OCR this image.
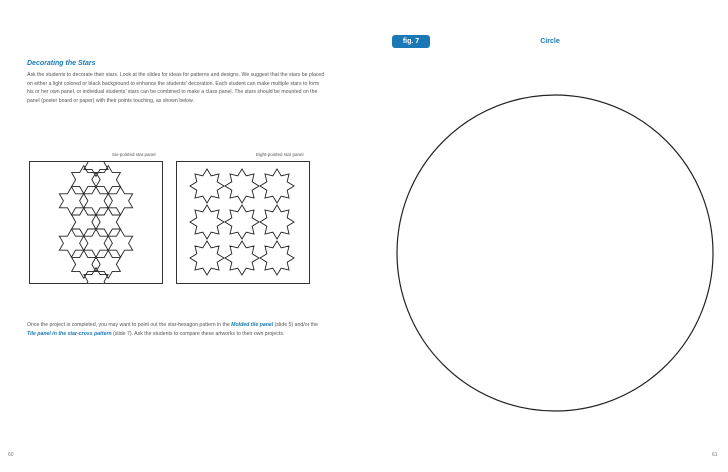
Decorating the Stars

Ask the students to decorate their stars. Look at the slides for ideas for patterns and designs. We suggest that the stars be placed on either a light colored or black background to enhance the students’ decoration. Each student can make multiple stars to form his or her own panel, or individual students’ stars can be combined to make a class panel. The stars should be mounted on the panel (poster board or paper) with their points touching, as shown below.

Six-pointed star panel	Eight-pointed star panel

Once the project is completed, you may want to point out the star-hexagon pattern in the Molded tile panel (slide 5) and/or the Tile panel in the star-cross pattern (slide 7). Ask the students to compare these artworks to their own projects.

60
fig. 7	Circle
61
